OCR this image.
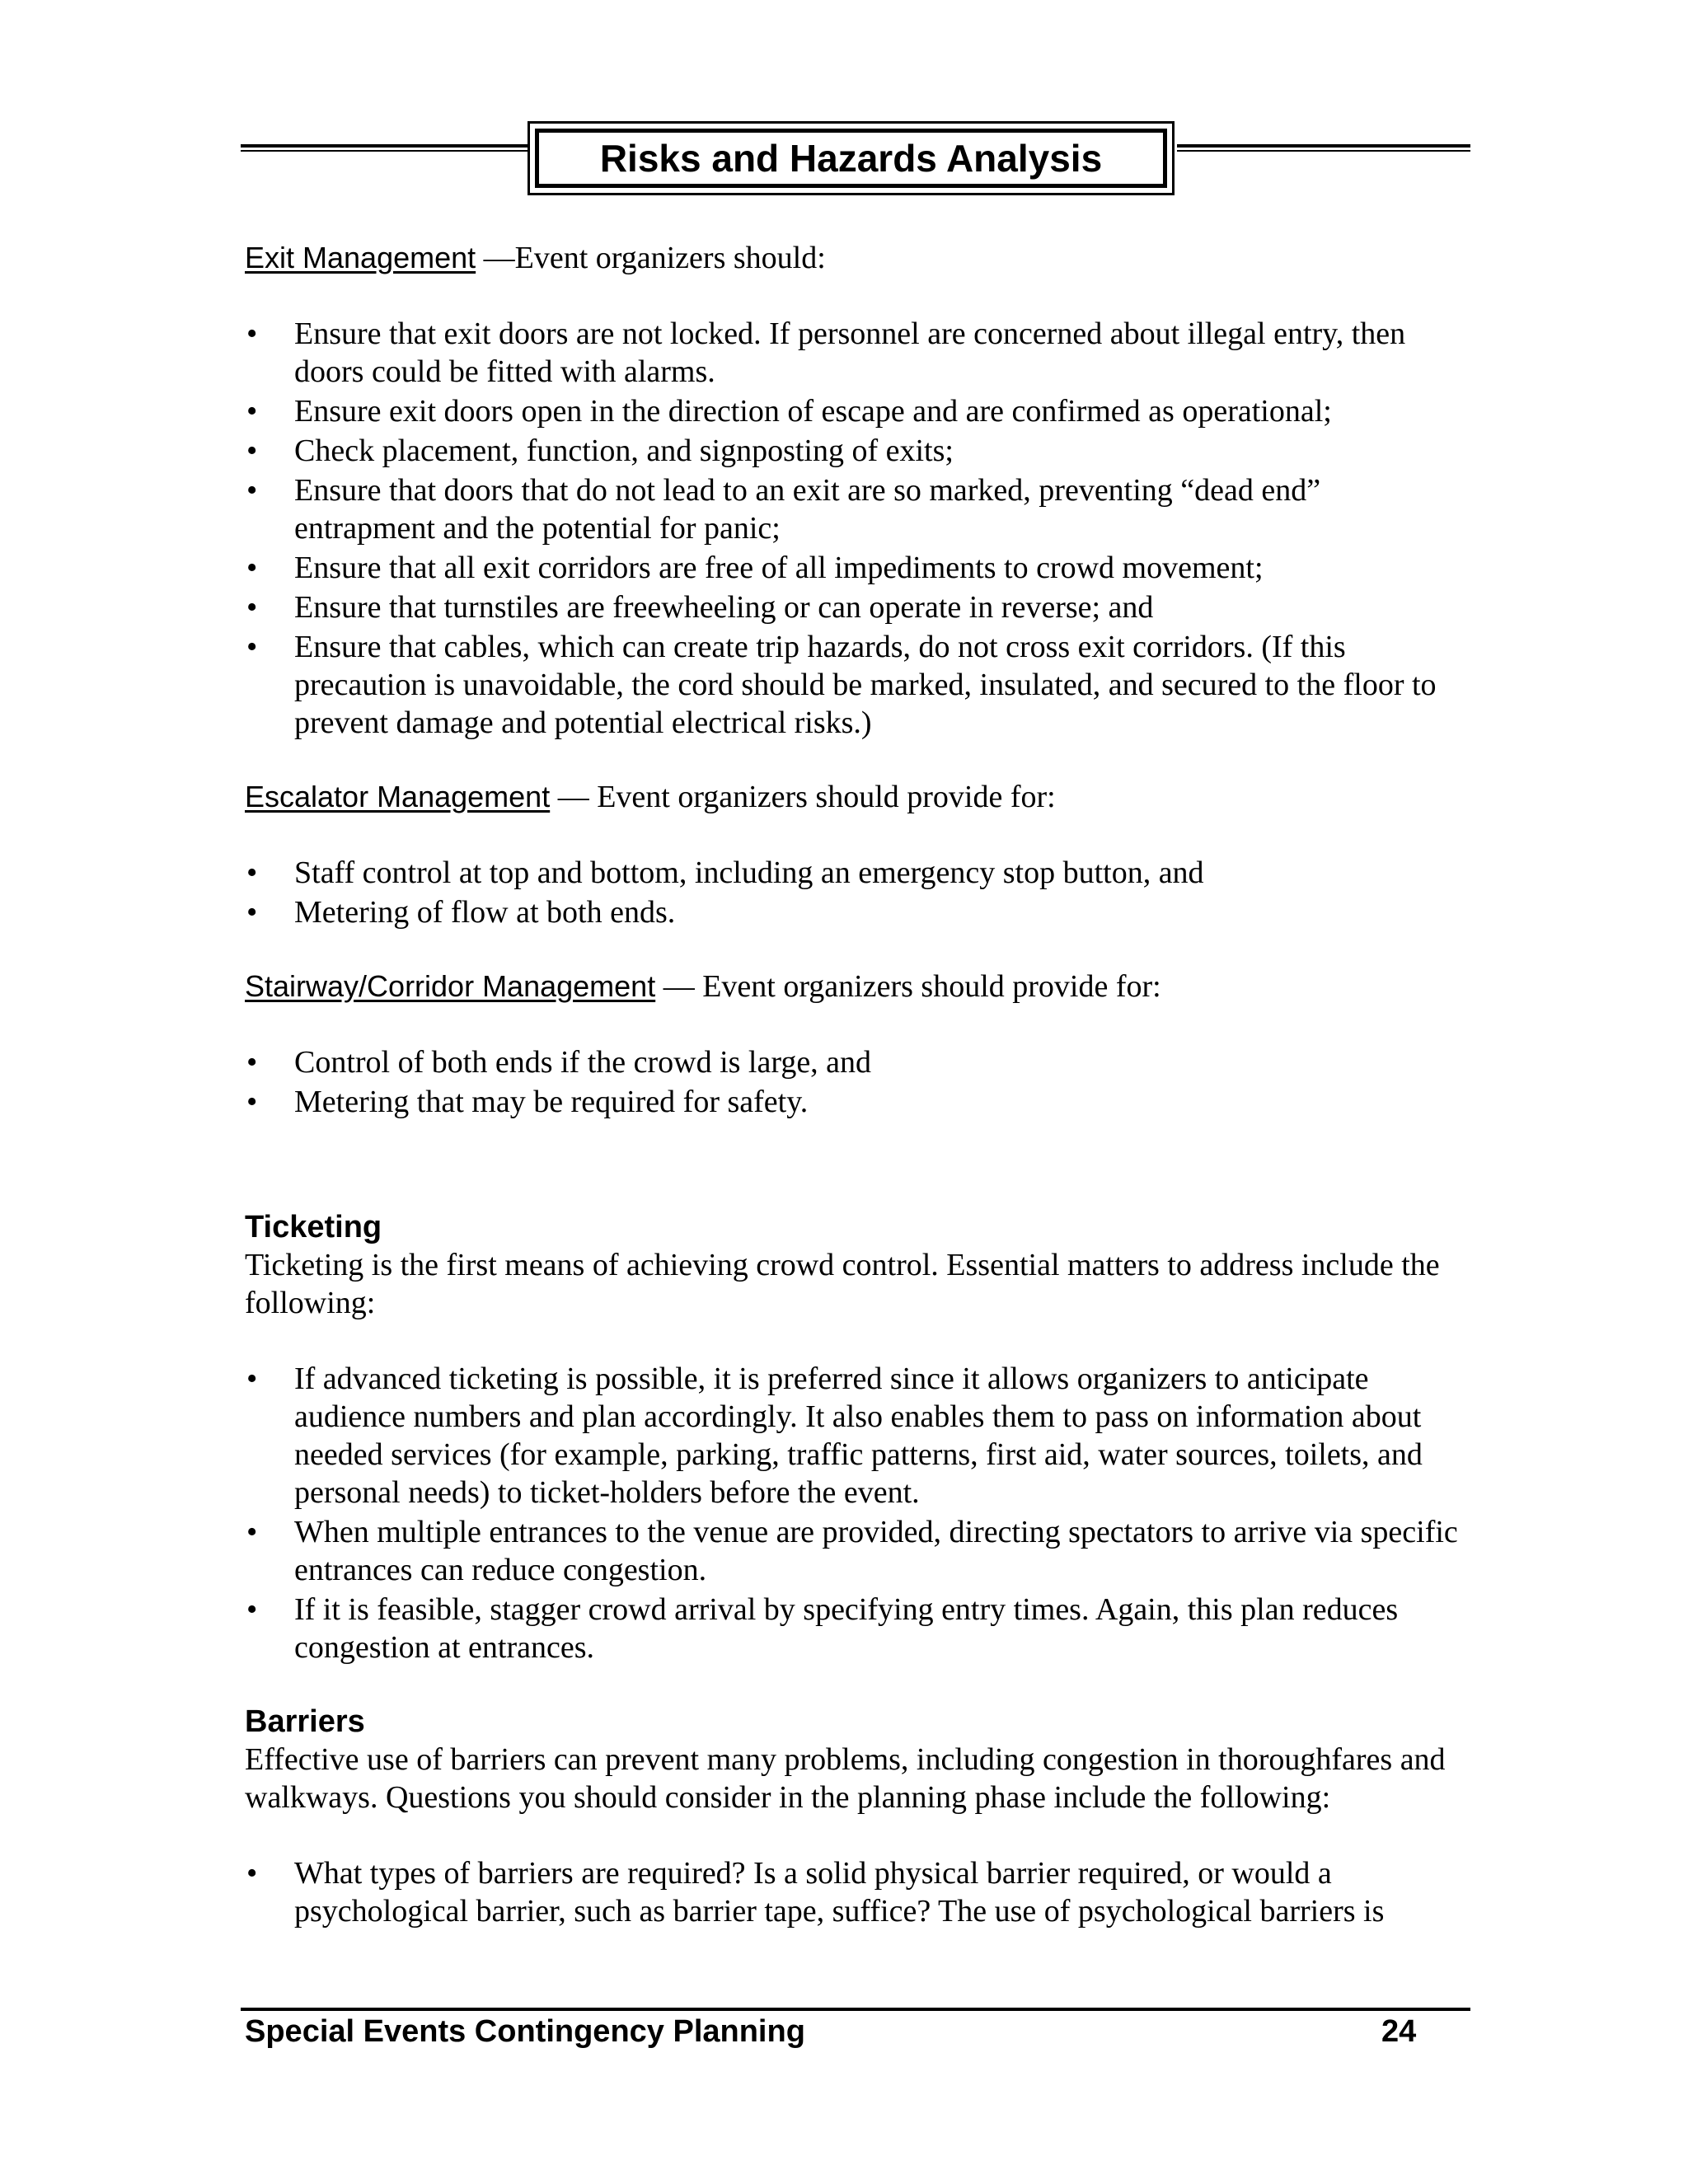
Risks and Hazards Analysis

Exit Management —Event organizers should:

• Ensure that exit doors are not locked. If personnel are concerned about illegal entry, then doors could be fitted with alarms.
• Ensure exit doors open in the direction of escape and are confirmed as operational;
• Check placement, function, and signposting of exits;
• Ensure that doors that do not lead to an exit are so marked, preventing “dead end” entrapment and the potential for panic;
• Ensure that all exit corridors are free of all impediments to crowd movement;
• Ensure that turnstiles are freewheeling or can operate in reverse; and
• Ensure that cables, which can create trip hazards, do not cross exit corridors. (If this precaution is unavoidable, the cord should be marked, insulated, and secured to the floor to prevent damage and potential electrical risks.)

Escalator Management — Event organizers should provide for:

• Staff control at top and bottom, including an emergency stop button, and
• Metering of flow at both ends.

Stairway/Corridor Management — Event organizers should provide for:

• Control of both ends if the crowd is large, and
• Metering that may be required for safety.
Ticketing

Ticketing is the first means of achieving crowd control. Essential matters to address include the following:

• If advanced ticketing is possible, it is preferred since it allows organizers to anticipate audience numbers and plan accordingly. It also enables them to pass on information about needed services (for example, parking, traffic patterns, first aid, water sources, toilets, and personal needs) to ticket-holders before the event.
• When multiple entrances to the venue are provided, directing spectators to arrive via specific entrances can reduce congestion.
• If it is feasible, stagger crowd arrival by specifying entry times. Again, this plan reduces congestion at entrances.
Barriers

Effective use of barriers can prevent many problems, including congestion in thoroughfares and walkways. Questions you should consider in the planning phase include the following:

• What types of barriers are required? Is a solid physical barrier required, or would a psychological barrier, such as barrier tape, suffice? The use of psychological barriers is
Special Events Contingency Planning	24
